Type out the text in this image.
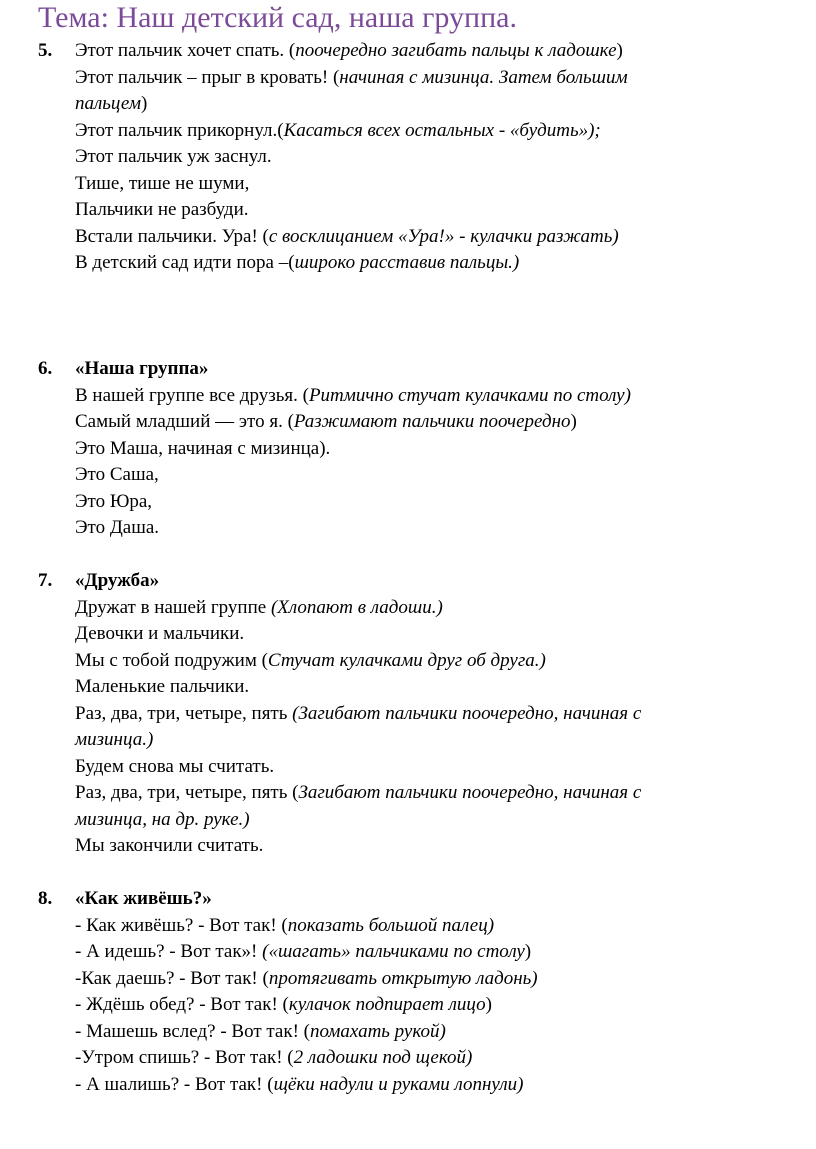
Тема: Наш детский сад, наша группа.
5. Этот пальчик хочет спать. (поочередно загибать пальцы к ладошке)
Этот пальчик – прыг в кровать! (начиная с мизинца. Затем большим
пальцем)
Этот пальчик прикорнул.(Касаться всех остальных - «будить»);
Этот пальчик уж заснул.
Тише, тише не шуми,
Пальчики не разбуди.
Встали пальчики. Ура! (с восклицанием «Ура!» - кулачки разжать)
В детский сад идти пора –(широко расставив пальцы.)
6. «Наша группа»
В нашей группе все друзья. (Ритмично стучат кулачками по столу)
Самый младший — это я. (Разжимают пальчики поочередно)
Это Маша, начиная с мизинца).
Это Саша,
Это Юра,
Это Даша.
7. «Дружба»
Дружат в нашей группе (Хлопают в ладоши.)
Девочки и мальчики.
Мы с тобой подружим (Стучат кулачками друг об друга.)
Маленькие пальчики.
Раз, два, три, четыре, пять (Загибают пальчики поочередно, начиная с
мизинца.)
Будем снова мы считать.
Раз, два, три, четыре, пять (Загибают пальчики поочередно, начиная с
мизинца, на др. руке.)
Мы закончили считать.
8. «Как живёшь?»
- Как живёшь? - Вот так! (показать большой палец)
- А идешь? - Вот так»! («шагать» пальчиками по столу)
-Как даешь? - Вот так! (протягивать открытую ладонь)
- Ждёшь обед? - Вот так! (кулачок подпирает лицо)
- Машешь вслед? - Вот так! (помахать рукой)
-Утром спишь? - Вот так! (2 ладошки под щекой)
- А шалишь? - Вот так! (щёки надули и руками лопнули)
